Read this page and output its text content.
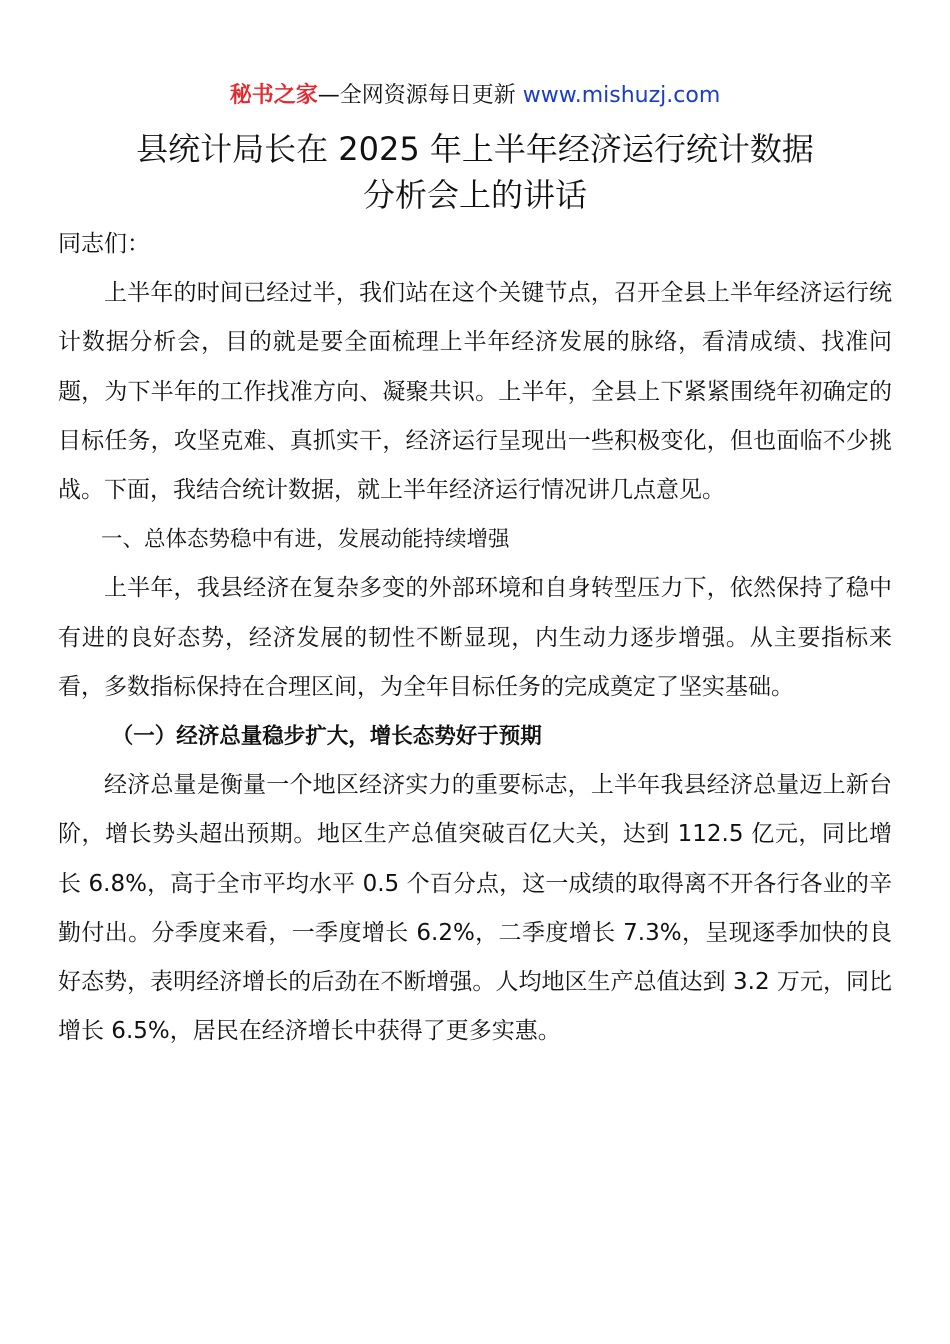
秘书之家—全网资源每日更新 www.mishuzj.com
县统计局长在 2025 年上半年经济运行统计数据
分析会上的讲话

同志们：

上半年的时间已经过半，我们站在这个关键节点，召开全县上半年经济运行统计数据分析会，目的就是要全面梳理上半年经济发展的脉络，看清成绩、找准问题，为下半年的工作找准方向、凝聚共识。上半年，全县上下紧紧围绕年初确定的目标任务，攻坚克难、真抓实干，经济运行呈现出一些积极变化，但也面临不少挑战。下面，我结合统计数据，就上半年经济运行情况讲几点意见。

一、总体态势稳中有进，发展动能持续增强

上半年，我县经济在复杂多变的外部环境和自身转型压力下，依然保持了稳中有进的良好态势，经济发展的韧性不断显现，内生动力逐步增强。从主要指标来看，多数指标保持在合理区间，为全年目标任务的完成奠定了坚实基础。

（一）经济总量稳步扩大，增长态势好于预期

经济总量是衡量一个地区经济实力的重要标志，上半年我县经济总量迈上新台阶，增长势头超出预期。地区生产总值突破百亿大关，达到 112.5 亿元，同比增长 6.8%，高于全市平均水平 0.5 个百分点，这一成绩的取得离不开各行各业的辛勤付出。分季度来看，一季度增长 6.2%，二季度增长 7.3%，呈现逐季加快的良好态势，表明经济增长的后劲在不断增强。人均地区生产总值达到 3.2 万元，同比增长 6.5%，居民在经济增长中获得了更多实惠。
